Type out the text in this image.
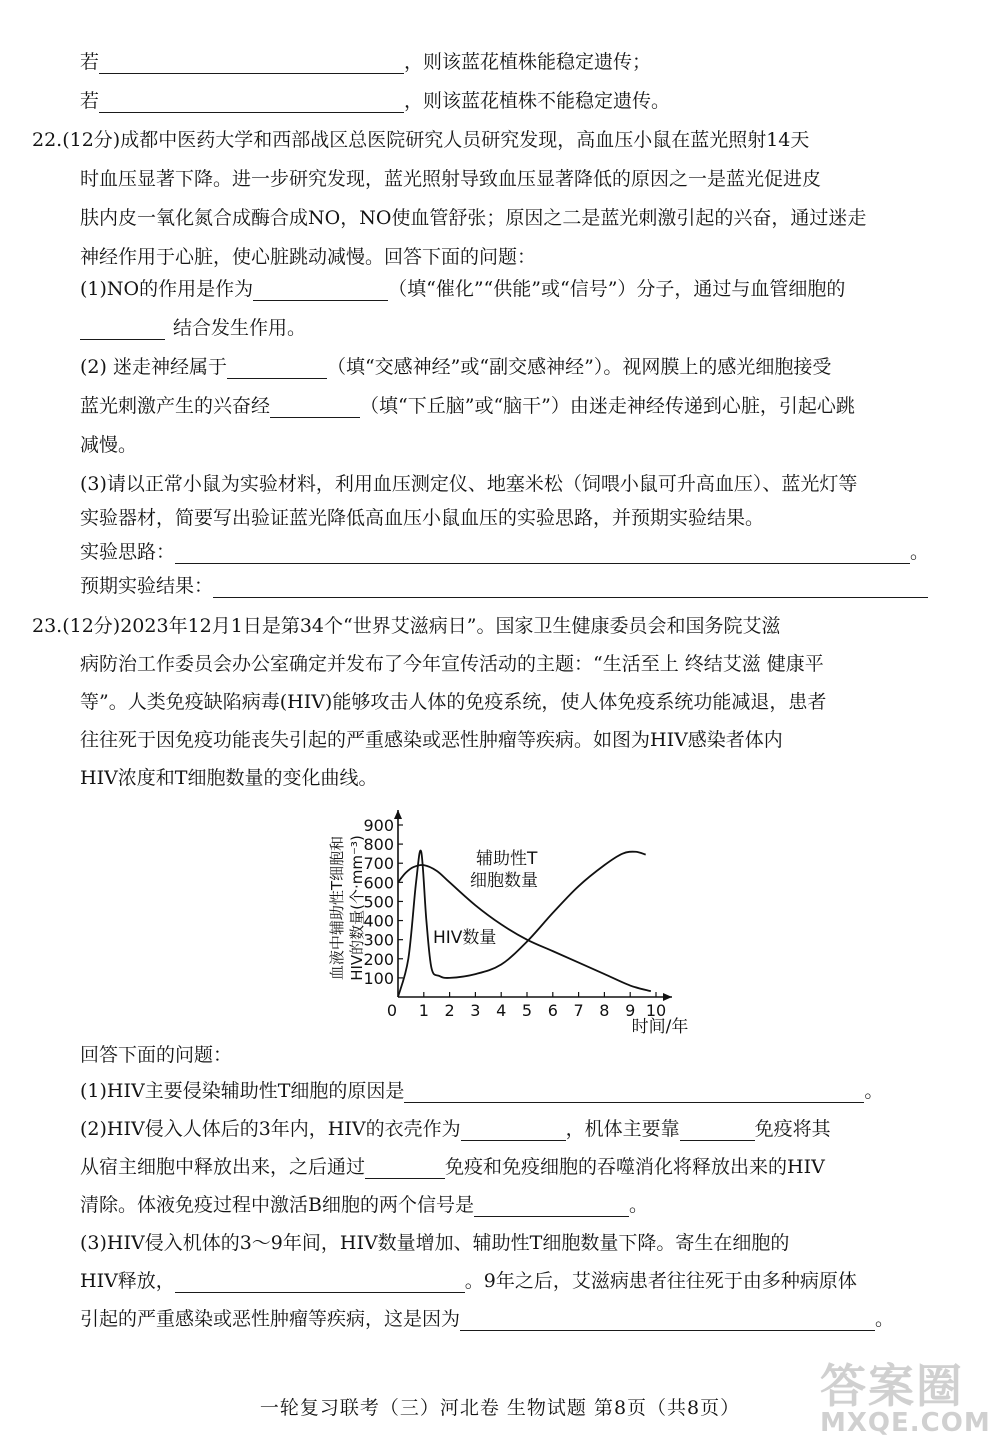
若	，则该蓝花植株能稳定遗传；
若	，则该蓝花植株不能稳定遗传。
22.(12分)成都中医药大学和西部战区总医院研究人员研究发现，高血压小鼠在蓝光照射14天
时血压显著下降。进一步研究发现，蓝光照射导致血压显著降低的原因之一是蓝光促进皮
肤内皮一氧化氮合成酶合成NO，NO使血管舒张；原因之二是蓝光刺激引起的兴奋，通过迷走
神经作用于心脏，使心脏跳动减慢。回答下面的问题：
(1)NO的作用是作为	（填“催化”“供能”或“信号”）分子，通过与血管细胞的
结合发生作用。
(2) 迷走神经属于	（填“交感神经”或“副交感神经”）。视网膜上的感光细胞接受
蓝光刺激产生的兴奋经	（填“下丘脑”或“脑干”）由迷走神经传递到心脏，引起心跳
减慢。
(3)请以正常小鼠为实验材料，利用血压测定仪、地塞米松（饲喂小鼠可升高血压）、蓝光灯等
实验器材，简要写出验证蓝光降低高血压小鼠血压的实验思路，并预期实验结果。
实验思路：	。
预期实验结果：
23.(12分)2023年12月1日是第34个“世界艾滋病日”。国家卫生健康委员会和国务院艾滋
病防治工作委员会办公室确定并发布了今年宣传活动的主题：“生活至上 终结艾滋 健康平
等”。人类免疫缺陷病毒(HIV)能够攻击人体的免疫系统，使人体免疫系统功能减退，患者
往往死于因免疫功能丧失引起的严重感染或恶性肿瘤等疾病。如图为HIV感染者体内
HIV浓度和T细胞数量的变化曲线。
100
200
300
400
500
600
700
800
900
0 1 2 3 4 5 6 7 8 9 10
辅助性T
细胞数量
HIV数量
时间/年
血液中辅助性T细胞和 HIV的数量(个·mm⁻³)
回答下面的问题：
(1)HIV主要侵染辅助性T细胞的原因是	。
(2)HIV侵入人体后的3年内，HIV的衣壳作为	，机体主要靠	免疫将其
从宿主细胞中释放出来，之后通过	免疫和免疫细胞的吞噬消化将释放出来的HIV
清除。体液免疫过程中激活B细胞的两个信号是	。
(3)HIV侵入机体的3～9年间，HIV数量增加、辅助性T细胞数量下降。寄生在细胞的
HIV释放，	。9年之后，艾滋病患者往往死于由多种病原体
引起的严重感染或恶性肿瘤等疾病，这是因为	。
一轮复习联考（三）河北卷 生物试题 第8页（共8页）	答案圈
MXQE.COM
